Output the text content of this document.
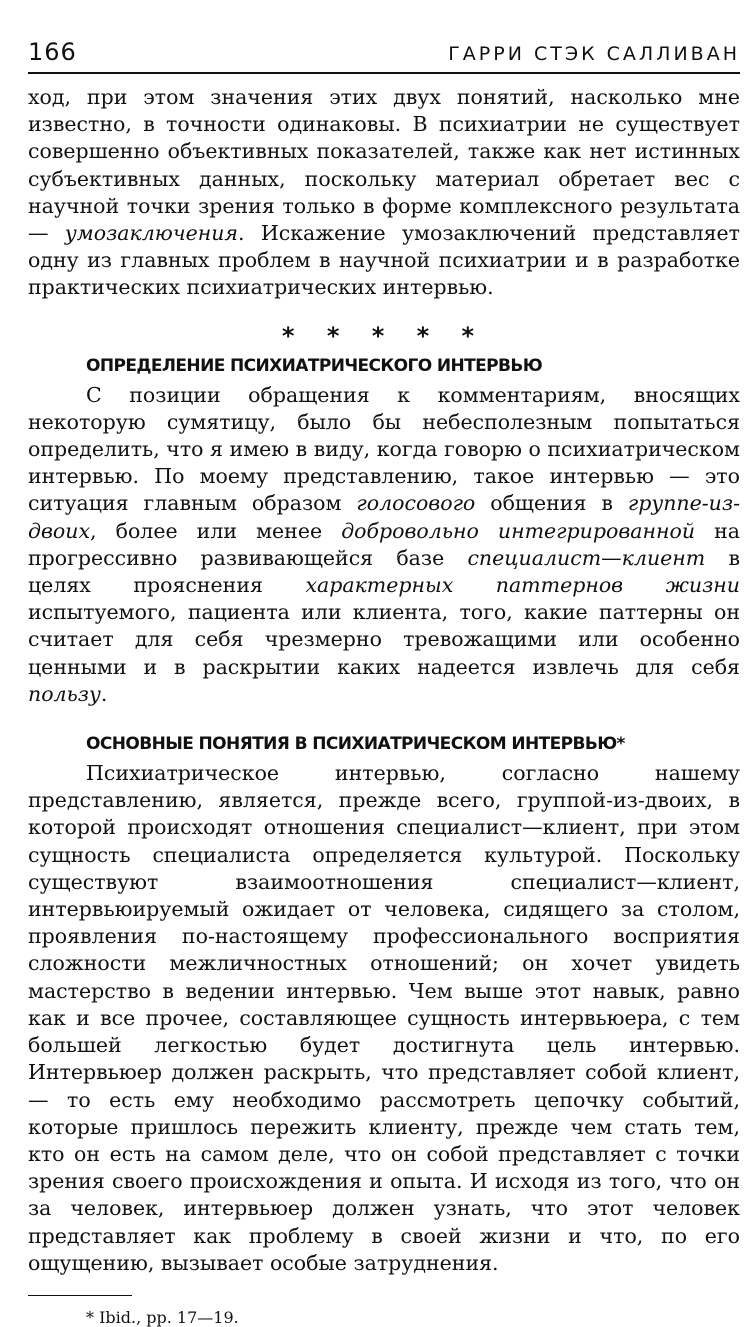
166	ГАРРИ СТЭК САЛЛИВАН

ход, при этом значения этих двух понятий, насколько мне известно, в точности одинаковы. В психиатрии не существует совершенно объективных показателей, также как нет истинных субъективных данных, поскольку материал обретает вес с научной точки зрения только в форме комплексного результата — умозаключения. Искажение умозаключений представляет одну из главных проблем в научной психиатрии и в разработке практических психиатрических интервью.

* * * * *
ОПРЕДЕЛЕНИЕ ПСИХИАТРИЧЕСКОГО ИНТЕРВЬЮ

С позиции обращения к комментариям, вносящих некоторую сумятицу, было бы небесполезным попытаться определить, что я имею в виду, когда говорю о психиатрическом интервью. По моему представлению, такое интервью — это ситуация главным образом голосового общения в группе-из-двоих, более или менее добровольно интегрированной на прогрессивно развивающейся базе специалист—клиент в целях прояснения характерных паттернов жизни испытуемого, пациента или клиента, того, какие паттерны он считает для себя чрезмерно тревожащими или особенно ценными и в раскрытии каких надеется извлечь для себя пользу.

ОСНОВНЫЕ ПОНЯТИЯ В ПСИХИАТРИЧЕСКОМ ИНТЕРВЬЮ*

Психиатрическое интервью, согласно нашему представлению, является, прежде всего, группой-из-двоих, в которой происходят отношения специалист—клиент, при этом сущность специалиста определяется культурой. Поскольку существуют взаимоотношения специалист—клиент, интервьюируемый ожидает от человека, сидящего за столом, проявления по-настоящему профессионального восприятия сложности межличностных отношений; он хочет увидеть мастерство в ведении интервью. Чем выше этот навык, равно как и все прочее, составляющее сущность интервьюера, с тем большей легкостью будет достигнута цель интервью. Интервьюер должен раскрыть, что представляет собой клиент, — то есть ему необходимо рассмотреть цепочку событий, которые пришлось пережить клиенту, прежде чем стать тем, кто он есть на самом деле, что он собой представляет с точки зрения своего происхождения и опыта. И исходя из того, что он за человек, интервьюер должен узнать, что этот человек представляет как проблему в своей жизни и что, по его ощущению, вызывает особые затруднения.

* Ibid., pp. 17—19.
